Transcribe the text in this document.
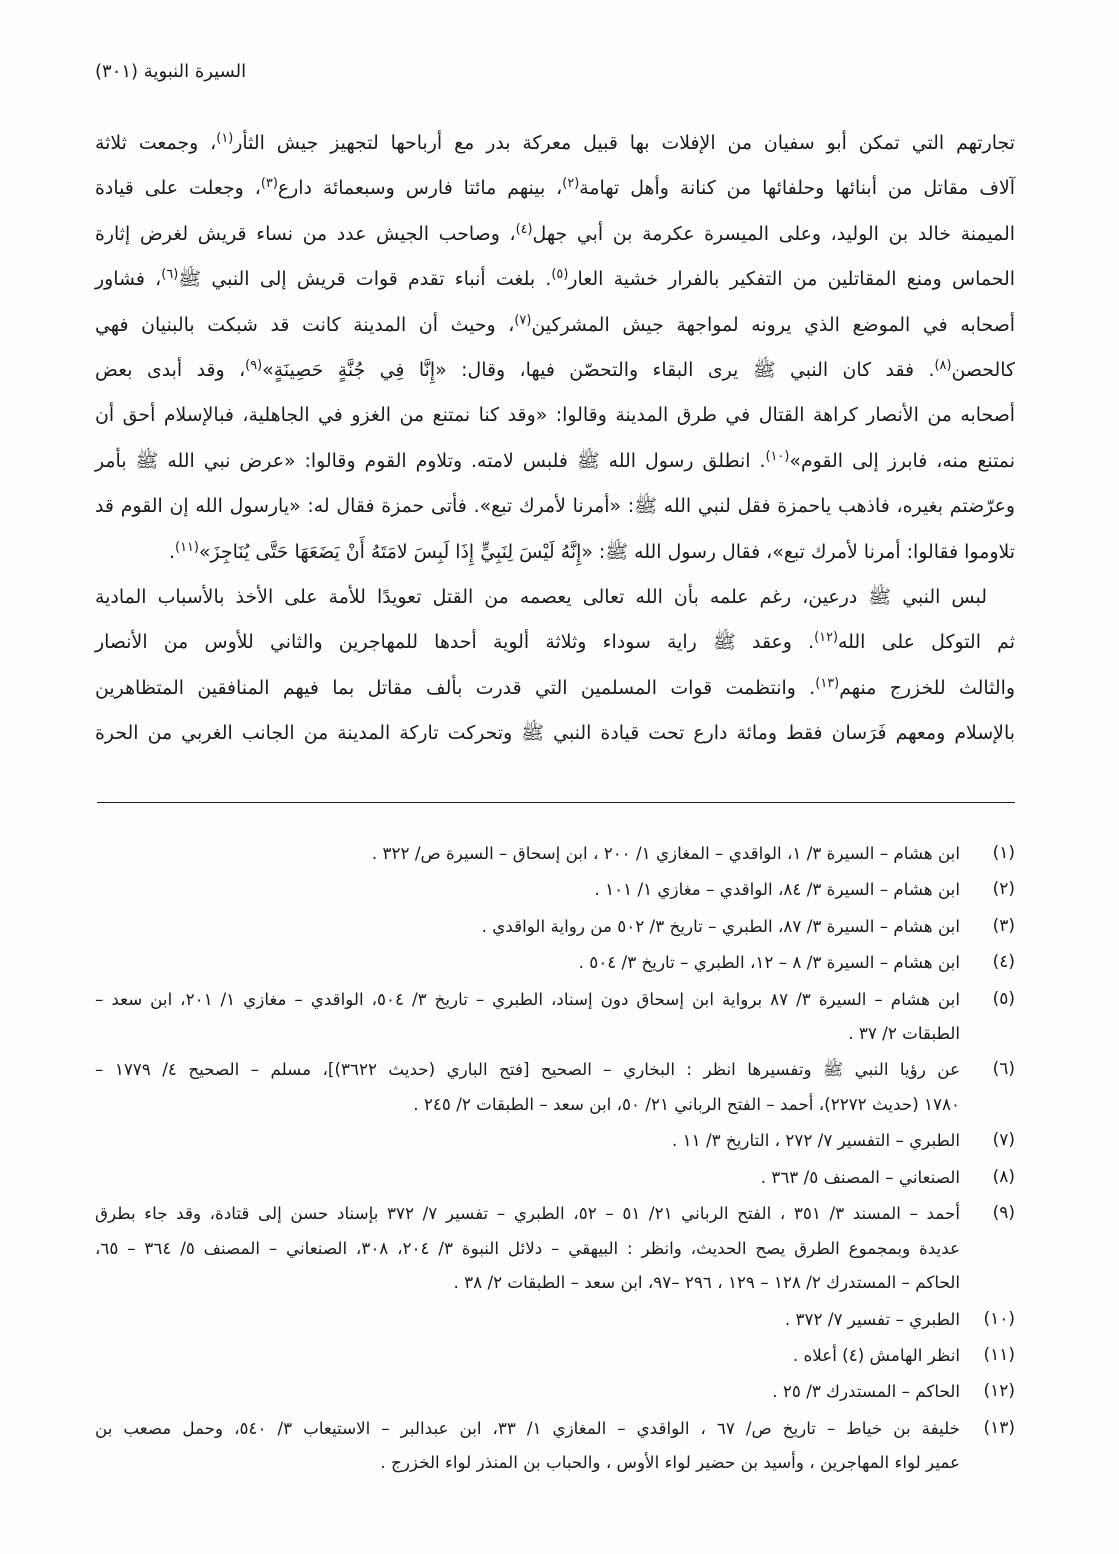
السيرة النبوية (٣٠١)
تجارتهم التي تمكن أبو سفيان من الإفلات بها قبيل معركة بدر مع أرباحها لتجهيز جيش الثأر$^{(١)}$، وجمعت ثلاثة
آلاف مقاتل من أبنائها وحلفائها من كنانة وأهل تهامة$^{(٢)}$، بينهم مائتا فارس وسبعمائة دارع$^{(٣)}$، وجعلت على قيادة
الميمنة خالد بن الوليد، وعلى الميسرة عكرمة بن أبي جهل$^{(٤)}$، وصاحب الجيش عدد من نساء قريش لغرض إثارة
الحماس ومنع المقاتلين من التفكير بالفرار خشية العار$^{(٥)}$. بلغت أنباء تقدم قوات قريش إلى النبي ﷺ$^{(٦)}$، فشاور
أصحابه في الموضع الذي يرونه لمواجهة جيش المشركين$^{(٧)}$، وحيث أن المدينة كانت قد شبكت بالبنيان فهي
كالحصن$^{(٨)}$. فقد كان النبي ﷺ يرى البقاء والتحصّن فيها، وقال: «إِنَّا فِي جُنَّةٍ حَصِينَةٍ»$^{(٩)}$، وقد أبدى بعض
أصحابه من الأنصار كراهة القتال في طرق المدينة وقالوا: «وقد كنا نمتنع من الغزو في الجاهلية، فبالإسلام أحق أن
نمتنع منه، فابرز إلى القوم»$^{(١٠)}$. انطلق رسول الله ﷺ فلبس لامته. وتلاوم القوم وقالوا: «عرض نبي الله ﷺ بأمر
وعرّضتم بغيره، فاذهب ياحمزة فقل لنبي الله ﷺ: «أمرنا لأمرك تبع». فأتى حمزة فقال له: «يارسول الله إن القوم قد
تلاوموا فقالوا: أمرنا لأمرك تبع»، فقال رسول الله ﷺ: «إِنَّهُ لَيْسَ لِنَبِيٍّ إِذَا لَبِسَ لامَتَهُ أَنْ يَضَعَهَا حَتَّى يُنَاجِزَ»$^{(١١)}$.
لبس النبي ﷺ درعين، رغم علمه بأن الله تعالى يعصمه من القتل تعويدًا للأمة على الأخذ بالأسباب المادية
ثم التوكل على الله$^{(١٢)}$. وعقد ﷺ راية سوداء وثلاثة ألوية أحدها للمهاجرين والثاني للأوس من الأنصار
والثالث للخزرج منهم$^{(١٣)}$. وانتظمت قوات المسلمين التي قدرت بألف مقاتل بما فيهم المنافقين المتظاهرين
بالإسلام ومعهم فَرَسان فقط ومائة دارع تحت قيادة النبي ﷺ وتحركت تاركة المدينة من الجانب الغربي من الحرة
(١)
ابن هشام – السيرة ٣/ ١، الواقدي – المغازي ١/ ٢٠٠ ، ابن إسحاق – السيرة ص/ ٣٢٢ .
(٢)
ابن هشام – السيرة ٣/ ٨٤، الواقدي – مغازي ١/ ١٠١ .
(٣)
ابن هشام – السيرة ٣/ ٨٧، الطبري – تاريخ ٣/ ٥٠٢ من رواية الواقدي .
(٤)
ابن هشام – السيرة ٣/ ٨ – ١٢، الطبري – تاريخ ٣/ ٥٠٤ .
(٥)
ابن هشام – السيرة ٣/ ٨٧ برواية ابن إسحاق دون إسناد، الطبري – تاريخ ٣/ ٥٠٤، الواقدي – مغازي ١/ ٢٠١، ابن سعد –
الطبقات ٢/ ٣٧ .
(٦)
عن رؤيا النبي ﷺ وتفسيرها انظر : البخاري – الصحيح [فتح الباري (حديث ٣٦٢٢)]، مسلم – الصحيح ٤/ ١٧٧٩ –
١٧٨٠ (حديث ٢٢٧٢)، أحمد – الفتح الرباني ٢١/ ٥٠، ابن سعد – الطبقات ٢/ ٢٤٥ .
(٧)
الطبري – التفسير ٧/ ٢٧٢ ، التاريخ ٣/ ١١ .
(٨)
الصنعاني – المصنف ٥/ ٣٦٣ .
(٩)
أحمد – المسند ٣/ ٣٥١ ، الفتح الرباني ٢١/ ٥١ – ٥٢، الطبري – تفسير ٧/ ٣٧٢ بإسناد حسن إلى قتادة، وقد جاء بطرق
عديدة وبمجموع الطرق يصح الحديث، وانظر : البيهقي – دلائل النبوة ٣/ ٢٠٤، ٣٠٨، الصنعاني – المصنف ٥/ ٣٦٤ – ٦٥،
الحاكم – المستدرك ٢/ ١٢٨ – ١٢٩ ، ٢٩٦ –٩٧، ابن سعد – الطبقات ٢/ ٣٨ .
(١٠)
الطبري – تفسير ٧/ ٣٧٢ .
(١١)
انظر الهامش (٤) أعلاه .
(١٢)
الحاكم – المستدرك ٣/ ٢٥ .
(١٣)
خليفة بن خياط – تاريخ ص/ ٦٧ ، الواقدي – المغازي ١/ ٣٣، ابن عبدالبر – الاستيعاب ٣/ ٥٤٠، وحمل مصعب بن
عمير لواء المهاجرين ، وأسيد بن حضير لواء الأوس ، والحباب بن المنذر لواء الخزرج .
